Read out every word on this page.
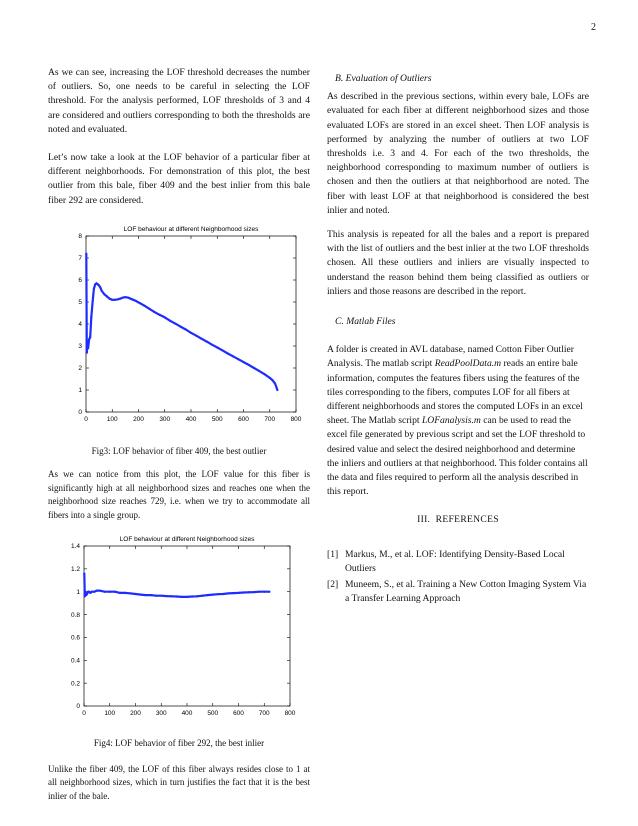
2

As we can see, increasing the LOF threshold decreases the number of outliers. So, one needs to be careful in selecting the LOF threshold. For the analysis performed, LOF thresholds of 3 and 4 are considered and outliers corresponding to both the thresholds are noted and evaluated.

Let’s now take a look at the LOF behavior of a particular fiber at different neighborhoods. For demonstration of this plot, the best outlier from this bale, fiber 409 and the best inlier from this bale fiber 292 are considered.

LOF behaviour at different Neighborhood sizes
0	100 200 300 400 500 600 700 800
0
1
2
3
4
5
6
7
8
Fig3: LOF behavior of fiber 409, the best outlier

As we can notice from this plot, the LOF value for this fiber is significantly high at all neighborhood sizes and reaches one when the neighborhood size reaches 729, i.e. when we try to accommodate all fibers into a single group.

LOF behaviour at different Neighborhood sizes
0	100 200 300 400 500 600 700 800
0
0.2
0.4
0.6
0.8
1
1.2
1.4
Fig4: LOF behavior of fiber 292, the best inlier

Unlike the fiber 409, the LOF of this fiber always resides close to 1 at all neighborhood sizes, which in turn justifies the fact that it is the best inlier of the bale.

B. Evaluation of Outliers

As described in the previous sections, within every bale, LOFs are evaluated for each fiber at different neighborhood sizes and those evaluated LOFs are stored in an excel sheet. Then LOF analysis is performed by analyzing the number of outliers at two LOF thresholds i.e. 3 and 4. For each of the two thresholds, the neighborhood corresponding to maximum number of outliers is chosen and then the outliers at that neighborhood are noted. The fiber with least LOF at that neighborhood is considered the best inlier and noted.

This analysis is repeated for all the bales and a report is prepared with the list of outliers and the best inlier at the two LOF thresholds chosen. All these outliers and inliers are visually inspected to understand the reason behind them being classified as outliers or inliers and those reasons are described in the report.

C. Matlab Files

A folder is created in AVL database, named Cotton Fiber Outlier Analysis. The matlab script ReadPoolData.m reads an entire bale information, computes the features fibers using the features of the tiles corresponding to the fibers, computes LOF for all fibers at different neighborhoods and stores the computed LOFs in an excel sheet. The Matlab script LOFanalysis.m can be used to read the excel file generated by previous script and set the LOF threshold to desired value and select the desired neighborhood and determine the inliers and outliers at that neighborhood. This folder contains all the data and files required to perform all the analysis described in this report.

III. REFERENCES
[1] Markus, M., et al. LOF: Identifying Density-Based Local Outliers
[2] Muneem, S., et al. Training a New Cotton Imaging System Via a Transfer Learning Approach
